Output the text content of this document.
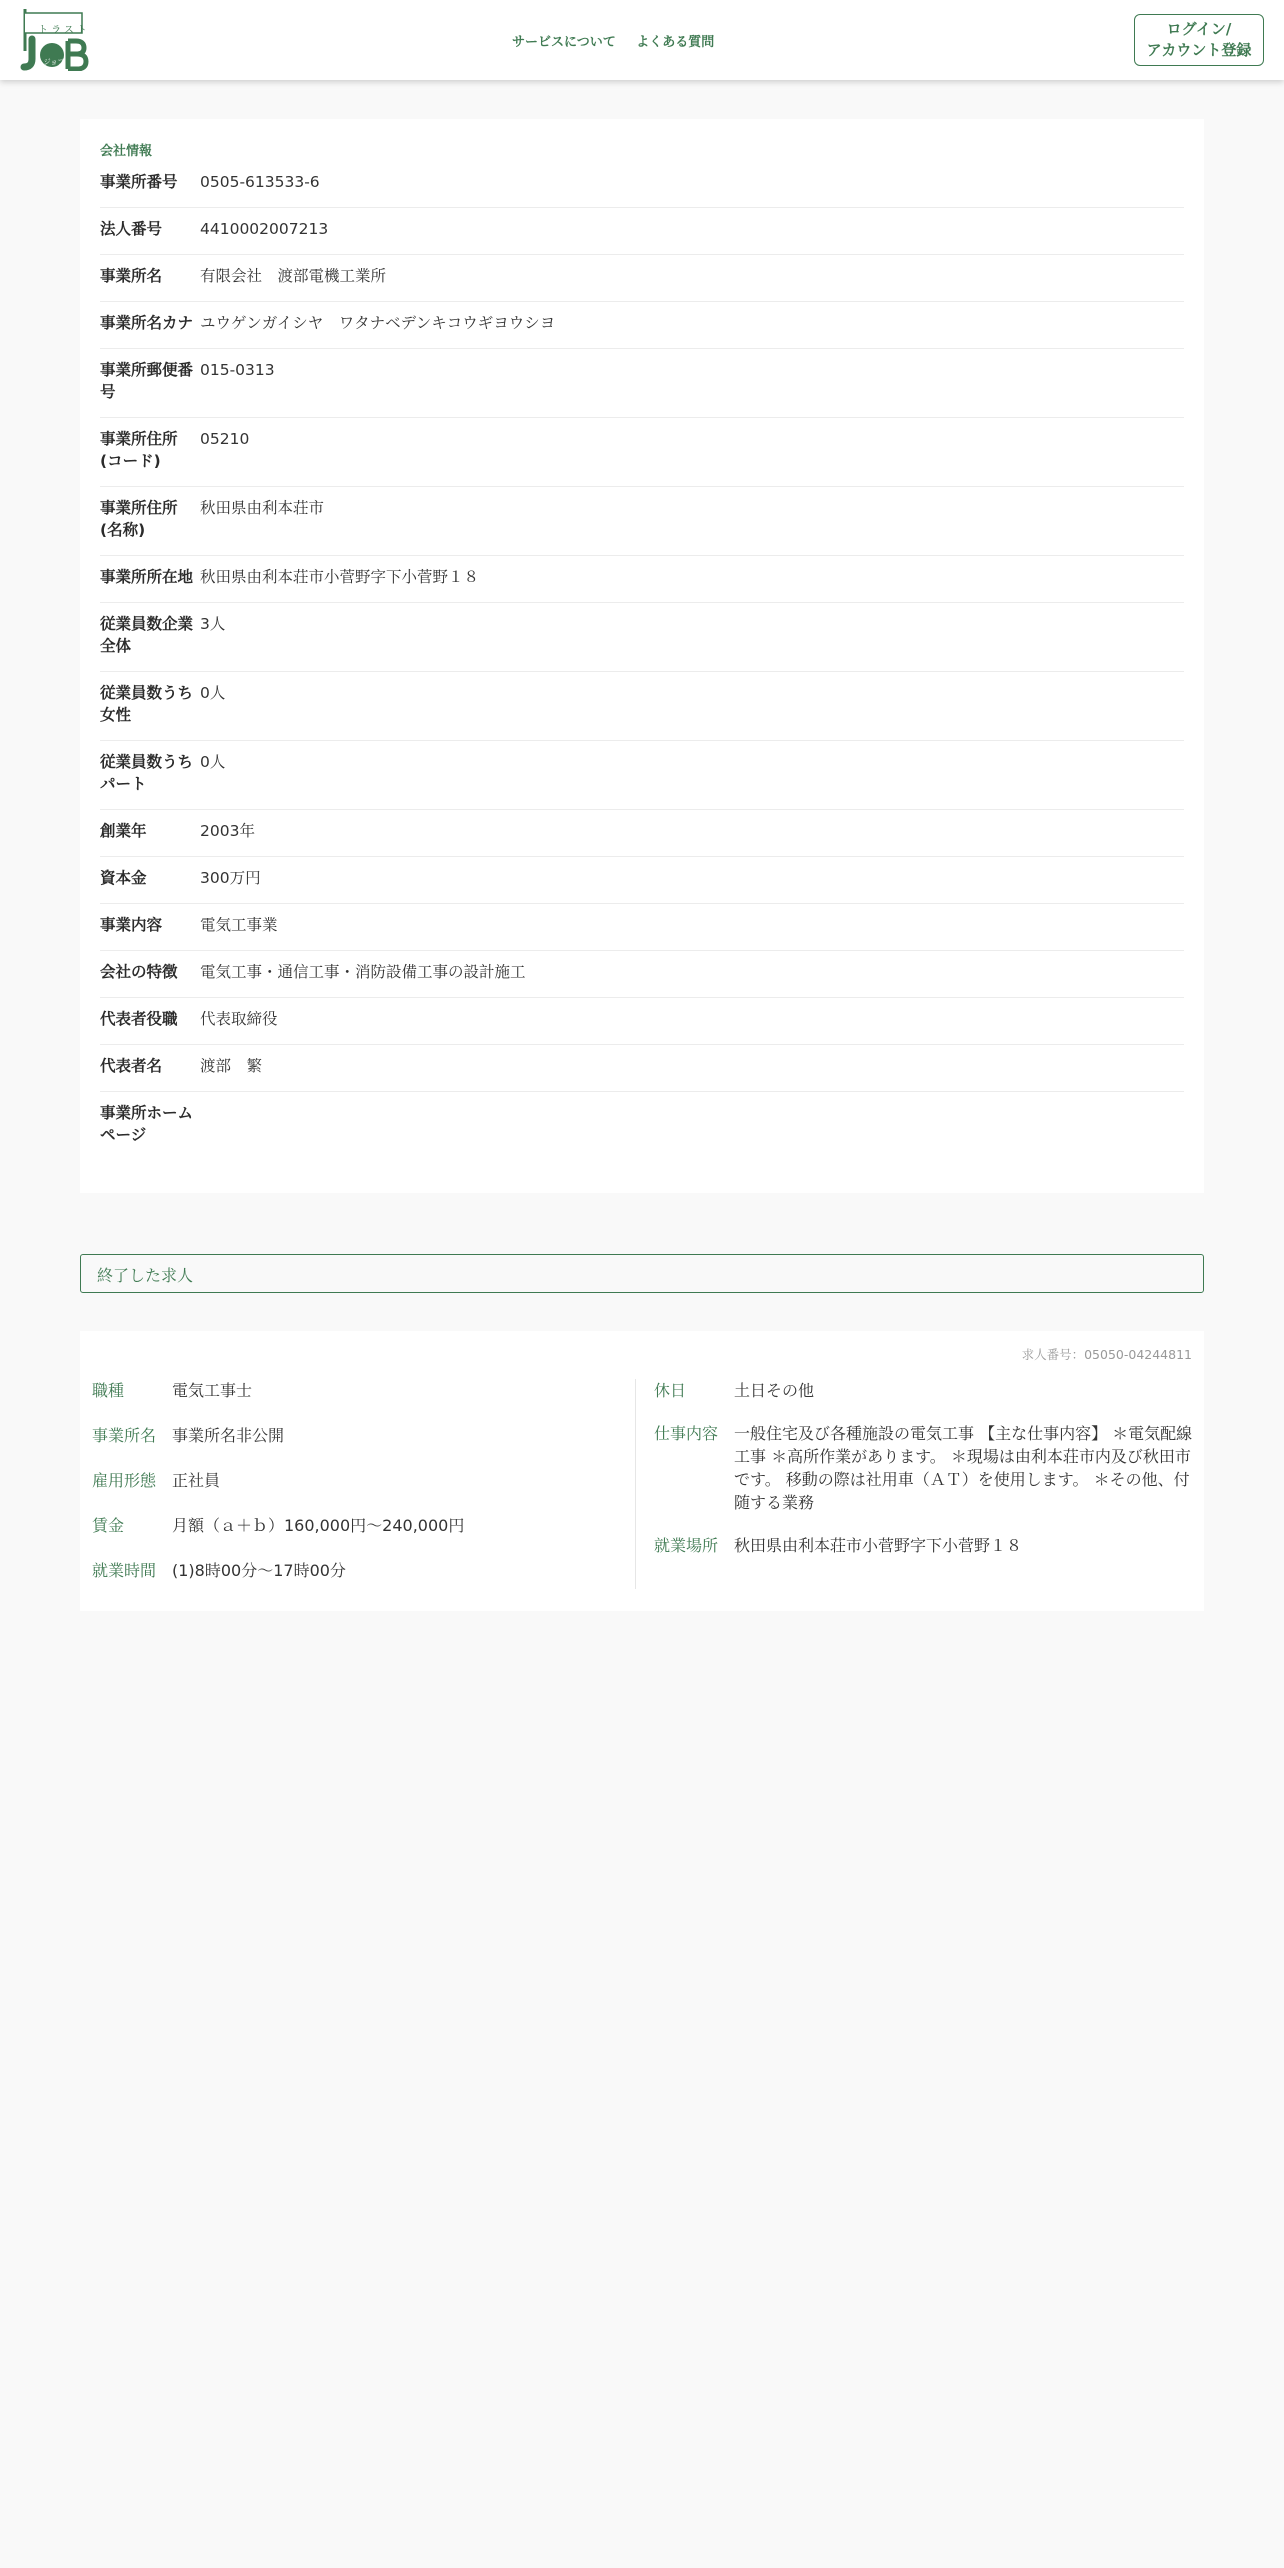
トラスト
ジョブ
サービスについて よくある質問
ログイン/
アカウント登録
会社情報
事業所番号	0505-613533-6
法人番号	4410002007213
事業所名	有限会社　渡部電機工業所
事業所名カナ	ユウゲンガイシヤ　ワタナベデンキコウギヨウシヨ
事業所郵便番号	015-0313
事業所住所(コード)	05210
事業所住所(名称)	秋田県由利本荘市
事業所所在地	秋田県由利本荘市小菅野字下小菅野１８
従業員数企業全体	3人
従業員数うち女性	0人
従業員数うちパート	0人
創業年	2003年
資本金	300万円
事業内容	電気工事業
会社の特徴	電気工事・通信工事・消防設備工事の設計施工
代表者役職	代表取締役
代表者名	渡部　繁
事業所ホームページ	
終了した求人
求人番号：05050-04244811
職種	電気工事士
事業所名 事業所名非公開
雇用形態 正社員
賃金	月額（ａ＋ｂ）160,000円～240,000円
就業時間 (1)8時00分～17時00分
休日	土日その他
仕事内容 一般住宅及び各種施設の電気工事 【主な仕事内容】 ＊電気配線工事 ＊高所作業があります。 ＊現場は由利本荘市内及び秋田市です。 移動の際は社用車（ＡＴ）を使用します。 ＊その他、付随する業務
就業場所 秋田県由利本荘市小菅野字下小菅野１８
